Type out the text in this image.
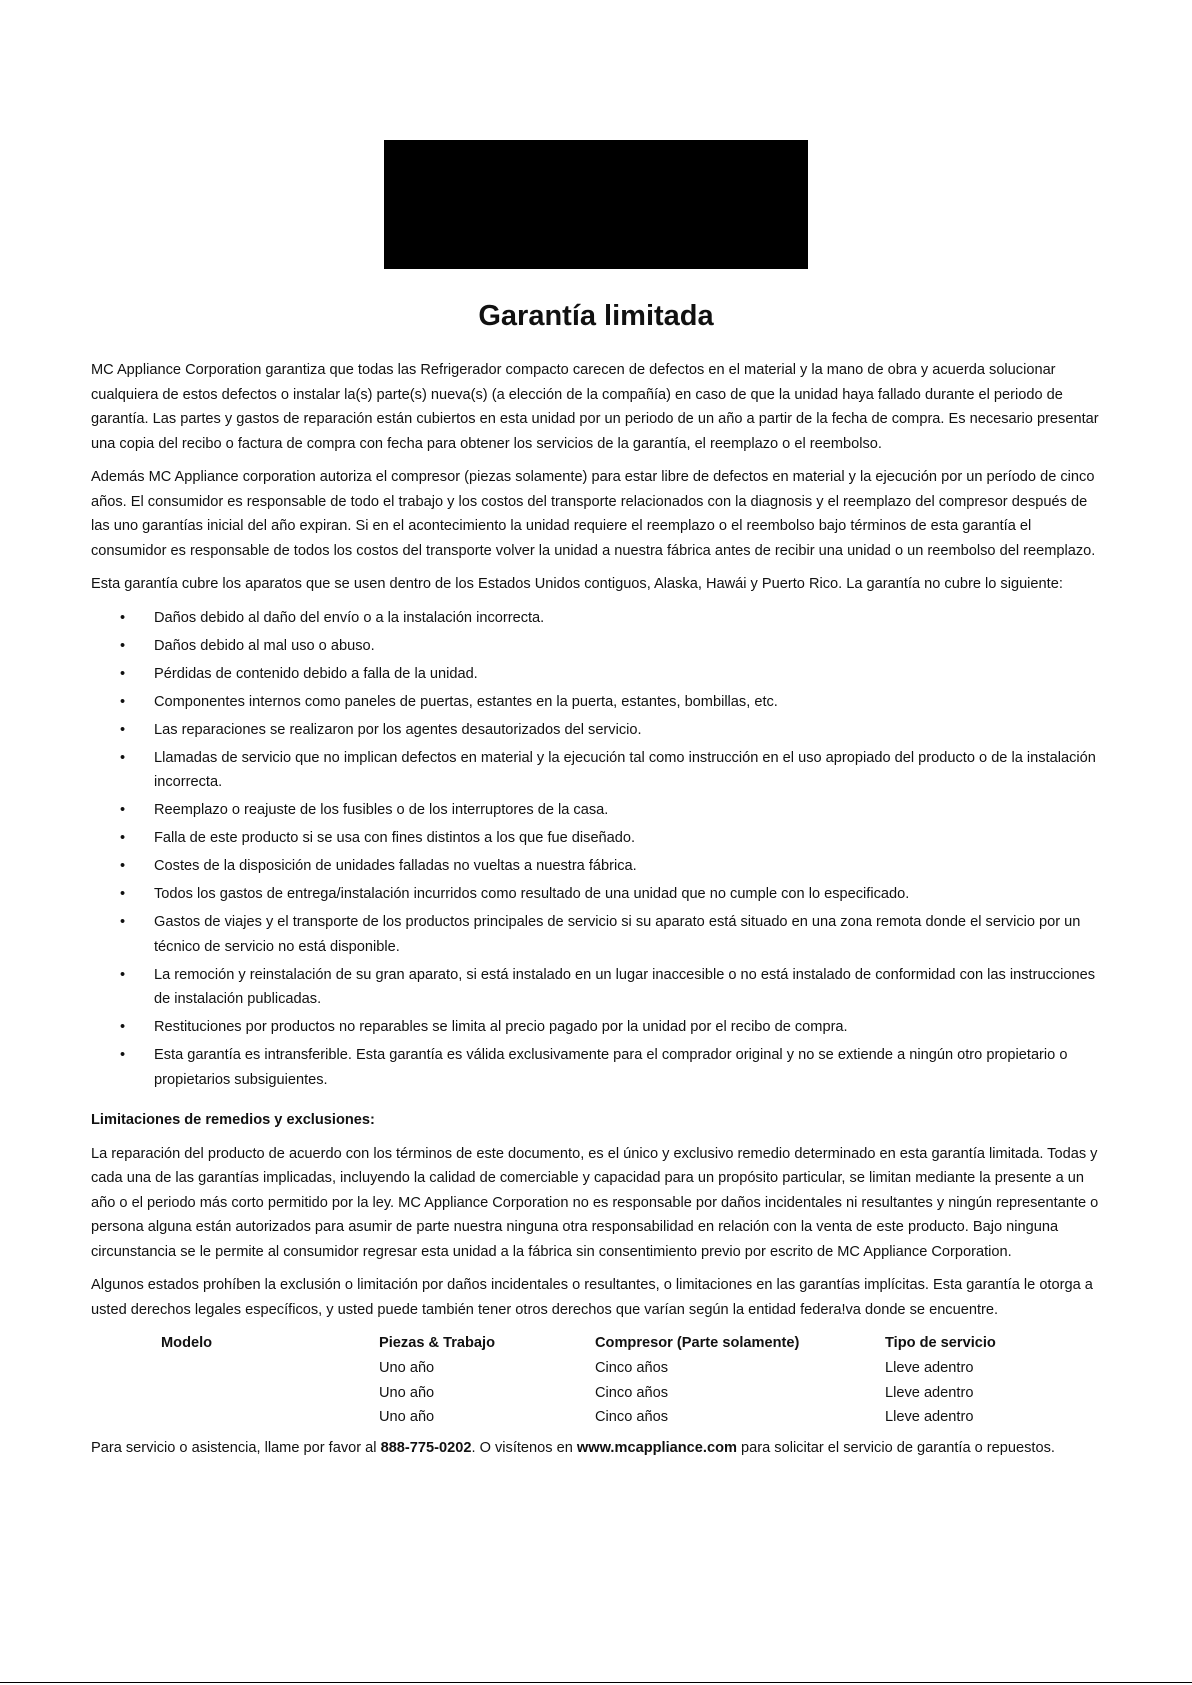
Garantía limitada

MC Appliance Corporation garantiza que todas las Refrigerador compacto carecen de defectos en el material y la mano de obra y acuerda solucionar cualquiera de estos defectos o instalar la(s) parte(s) nueva(s) (a elección de la compañía) en caso de que la unidad haya fallado durante el periodo de garantía. Las partes y gastos de reparación están cubiertos en esta unidad por un periodo de un año a partir de la fecha de compra. Es necesario presentar una copia del recibo o factura de compra con fecha para obtener los servicios de la garantía, el reemplazo o el reembolso.

Además MC Appliance corporation autoriza el compresor (piezas solamente) para estar libre de defectos en material y la ejecución por un período de cinco años. El consumidor es responsable de todo el trabajo y los costos del transporte relacionados con la diagnosis y el reemplazo del compresor después de las uno garantías inicial del año expiran. Si en el acontecimiento la unidad requiere el reemplazo o el reembolso bajo términos de esta garantía el consumidor es responsable de todos los costos del transporte volver la unidad a nuestra fábrica antes de recibir una unidad o un reembolso del reemplazo.

Esta garantía cubre los aparatos que se usen dentro de los Estados Unidos contiguos, Alaska, Hawái y Puerto Rico. La garantía no cubre lo siguiente:

• Daños debido al daño del envío o a la instalación incorrecta.
• Daños debido al mal uso o abuso.
• Pérdidas de contenido debido a falla de la unidad.
• Componentes internos como paneles de puertas, estantes en la puerta, estantes, bombillas, etc.
• Las reparaciones se realizaron por los agentes desautorizados del servicio.
• Llamadas de servicio que no implican defectos en material y la ejecución tal como instrucción en el uso apropiado del producto o de la instalación incorrecta.
• Reemplazo o reajuste de los fusibles o de los interruptores de la casa.
• Falla de este producto si se usa con fines distintos a los que fue diseñado.
• Costes de la disposición de unidades falladas no vueltas a nuestra fábrica.
• Todos los gastos de entrega/instalación incurridos como resultado de una unidad que no cumple con lo especificado.
• Gastos de viajes y el transporte de los productos principales de servicio si su aparato está situado en una zona remota donde el servicio por un técnico de servicio no está disponible.
• La remoción y reinstalación de su gran aparato, si está instalado en un lugar inaccesible o no está instalado de conformidad con las instrucciones de instalación publicadas.
• Restituciones por productos no reparables se limita al precio pagado por la unidad por el recibo de compra.
• Esta garantía es intransferible. Esta garantía es válida exclusivamente para el comprador original y no se extiende a ningún otro propietario o propietarios subsiguientes.
Limitaciones de remedios y exclusiones:

La reparación del producto de acuerdo con los términos de este documento, es el único y exclusivo remedio determinado en esta garantía limitada. Todas y cada una de las garantías implicadas, incluyendo la calidad de comerciable y capacidad para un propósito particular, se limitan mediante la presente a un año o el periodo más corto permitido por la ley. MC Appliance Corporation no es responsable por daños incidentales ni resultantes y ningún representante o persona alguna están autorizados para asumir de parte nuestra ninguna otra responsabilidad en relación con la venta de este producto. Bajo ninguna circunstancia se le permite al consumidor regresar esta unidad a la fábrica sin consentimiento previo por escrito de MC Appliance Corporation.

Algunos estados prohíben la exclusión o limitación por daños incidentales o resultantes, o limitaciones en las garantías implícitas. Esta garantía le otorga a usted derechos legales específicos, y usted puede también tener otros derechos que varían según la entidad federa!va donde se encuentre.

Modelo	Piezas & Trabajo	Compresor (Parte solamente)	Tipo de servicio
	Uno año	Cinco años	Lleve adentro
	Uno año	Cinco años	Lleve adentro
	Uno año	Cinco años	Lleve adentro
Para servicio o asistencia, llame por favor al 888-775-0202. O visítenos en www.mcappliance.com para solicitar el servicio de garantía o repuestos.
